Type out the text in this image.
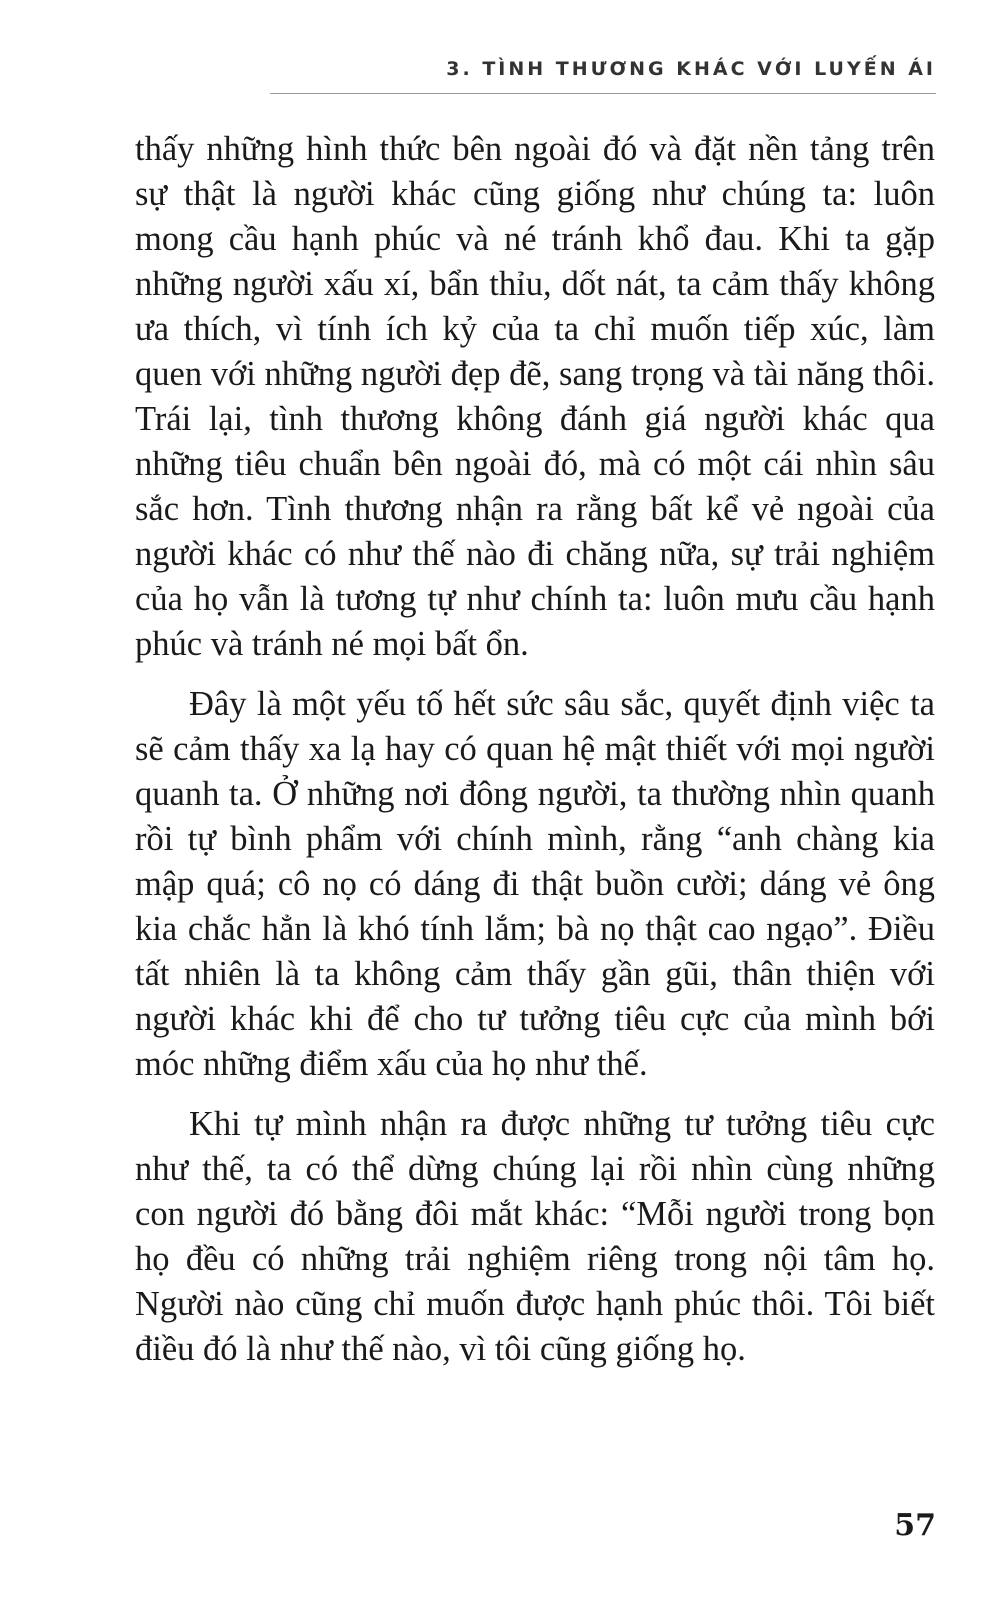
3. TÌNH THƯƠNG KHÁC VỚI LUYẾN ÁI

thấy những hình thức bên ngoài đó và đặt nền tảng trên sự thật là người khác cũng giống như chúng ta: luôn mong cầu hạnh phúc và né tránh khổ đau. Khi ta gặp những người xấu xí, bẩn thỉu, dốt nát, ta cảm thấy không ưa thích, vì tính ích kỷ của ta chỉ muốn tiếp xúc, làm quen với những người đẹp đẽ, sang trọng và tài năng thôi. Trái lại, tình thương không đánh giá người khác qua những tiêu chuẩn bên ngoài đó, mà có một cái nhìn sâu sắc hơn. Tình thương nhận ra rằng bất kể vẻ ngoài của người khác có như thế nào đi chăng nữa, sự trải nghiệm của họ vẫn là tương tự như chính ta: luôn mưu cầu hạnh phúc và tránh né mọi bất ổn.

Đây là một yếu tố hết sức sâu sắc, quyết định việc ta sẽ cảm thấy xa lạ hay có quan hệ mật thiết với mọi người quanh ta. Ở những nơi đông người, ta thường nhìn quanh rồi tự bình phẩm với chính mình, rằng “anh chàng kia mập quá; cô nọ có dáng đi thật buồn cười; dáng vẻ ông kia chắc hẳn là khó tính lắm; bà nọ thật cao ngạo”. Điều tất nhiên là ta không cảm thấy gần gũi, thân thiện với người khác khi để cho tư tưởng tiêu cực của mình bới móc những điểm xấu của họ như thế.

Khi tự mình nhận ra được những tư tưởng tiêu cực như thế, ta có thể dừng chúng lại rồi nhìn cùng những con người đó bằng đôi mắt khác: “Mỗi người trong bọn họ đều có những trải nghiệm riêng trong nội tâm họ. Người nào cũng chỉ muốn được hạnh phúc thôi. Tôi biết điều đó là như thế nào, vì tôi cũng giống họ.

57
